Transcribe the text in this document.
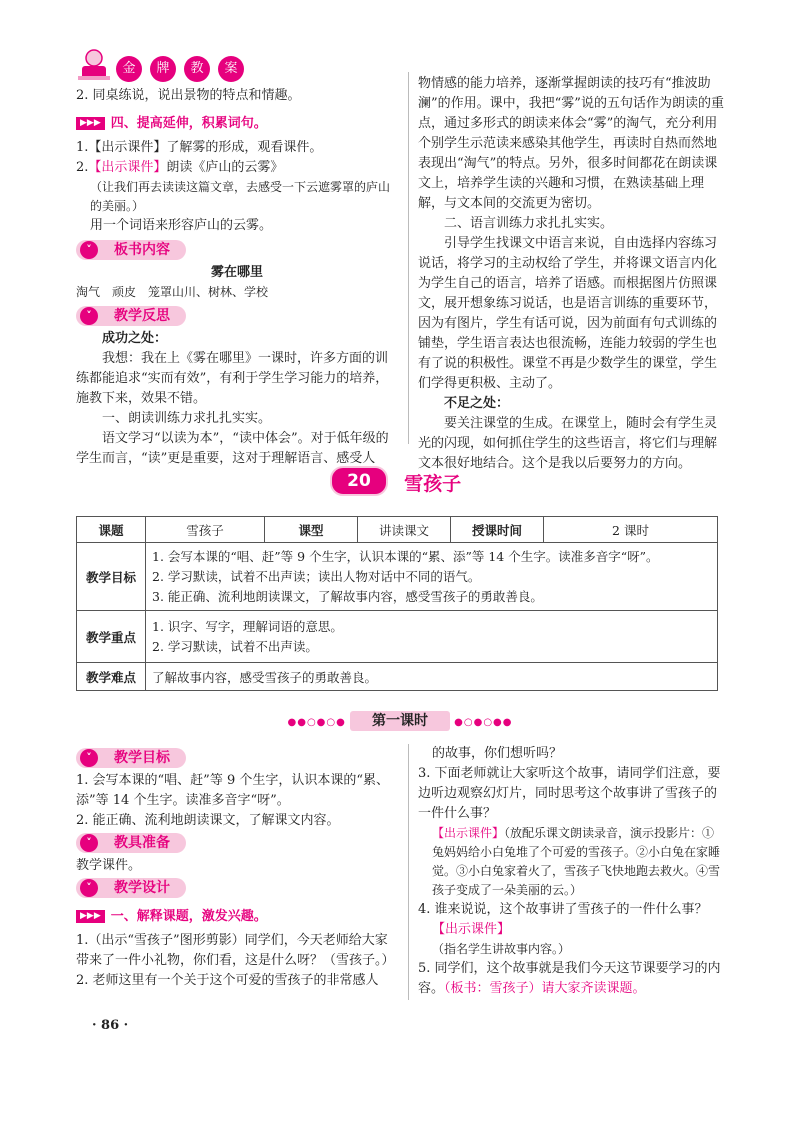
金	牌	教	案

2. 同桌练说，说出景物的特点和情趣。

▶▶▶ 四、提高延伸，积累词句。

1.【出示课件】了解雾的形成，观看课件。

2.【出示课件】朗读《庐山的云雾》

（让我们再去读读这篇文章，去感受一下云遮雾罩的庐山的美丽。）

用一个词语来形容庐山的云雾。

˅	板书内容

雾在哪里

淘气　顽皮　笼罩山川、树林、学校

˅	教学反思

成功之处：

我想：我在上《雾在哪里》一课时，许多方面的训练都能追求“实而有效”，有利于学生学习能力的培养，施教下来，效果不错。

一、朗读训练力求扎扎实实。

语文学习“以读为本”，“读中体会”。对于低年级的学生而言，“读”更是重要，这对于理解语言、感受人

物情感的能力培养，逐渐掌握朗读的技巧有“推波助澜”的作用。课中，我把“雾”说的五句话作为朗读的重点，通过多形式的朗读来体会“雾”的淘气，充分利用个别学生示范读来感染其他学生，再读时自热而然地表现出“淘气”的特点。另外，很多时间都花在朗读课文上，培养学生读的兴趣和习惯，在熟读基础上理解，与文本间的交流更为密切。

二、语言训练力求扎扎实实。

引导学生找课文中语言来说，自由选择内容练习说话，将学习的主动权给了学生，并将课文语言内化为学生自己的语言，培养了语感。而根据图片仿照课文，展开想象练习说话，也是语言训练的重要环节，因为有图片，学生有话可说，因为前面有句式训练的铺垫，学生语言表达也很流畅，连能力较弱的学生也有了说的积极性。课堂不再是少数学生的课堂，学生们学得更积极、主动了。

不足之处：

要关注课堂的生成。在课堂上，随时会有学生灵光的闪现，如何抓住学生的这些语言，将它们与理解文本很好地结合。这个是我以后要努力的方向。

20 雪孩子
课题	雪孩子	课型	讲读课文	授课时间	2 课时
教学目标	1. 会写本课的“唱、赶”等 9 个生字，认识本课的“累、添”等 14 个生字。读准多音字“呀”。
2. 学习默读，试着不出声读；读出人物对话中不同的语气。
3. 能正确、流利地朗读课文，了解故事内容，感受雪孩子的勇敢善良。				

教学重点	1. 识字、写字，理解词语的意思。
2. 学习默读，试着不出声读。				

教学难点	了解故事内容，感受雪孩子的勇敢善良。				
●●○●○● 第一课时	●○●○●●
˅	教学目标

1. 会写本课的“唱、赶”等 9 个生字，认识本课的“累、添”等 14 个生字。读准多音字“呀”。

2. 能正确、流利地朗读课文，了解课文内容。

˅	教具准备

教学课件。

˅	教学设计

▶▶▶ 一、解释课题，激发兴趣。

1.（出示“雪孩子”图形剪影）同学们，今天老师给大家带来了一件小礼物，你们看，这是什么呀？（雪孩子。）

2. 老师这里有一个关于这个可爱的雪孩子的非常感人

的故事，你们想听吗？

3. 下面老师就让大家听这个故事，请同学们注意，要边听边观察幻灯片，同时思考这个故事讲了雪孩子的一件什么事？

【出示课件】（放配乐课文朗读录音，演示投影片：①兔妈妈给小白兔堆了个可爱的雪孩子。②小白兔在家睡觉。③小白兔家着火了，雪孩子飞快地跑去救火。④雪孩子变成了一朵美丽的云。）

4. 谁来说说，这个故事讲了雪孩子的一件什么事？

【出示课件】

（指名学生讲故事内容。）

5. 同学们，这个故事就是我们今天这节课要学习的内容。（板书：雪孩子）请大家齐读课题。

· 86 ·
